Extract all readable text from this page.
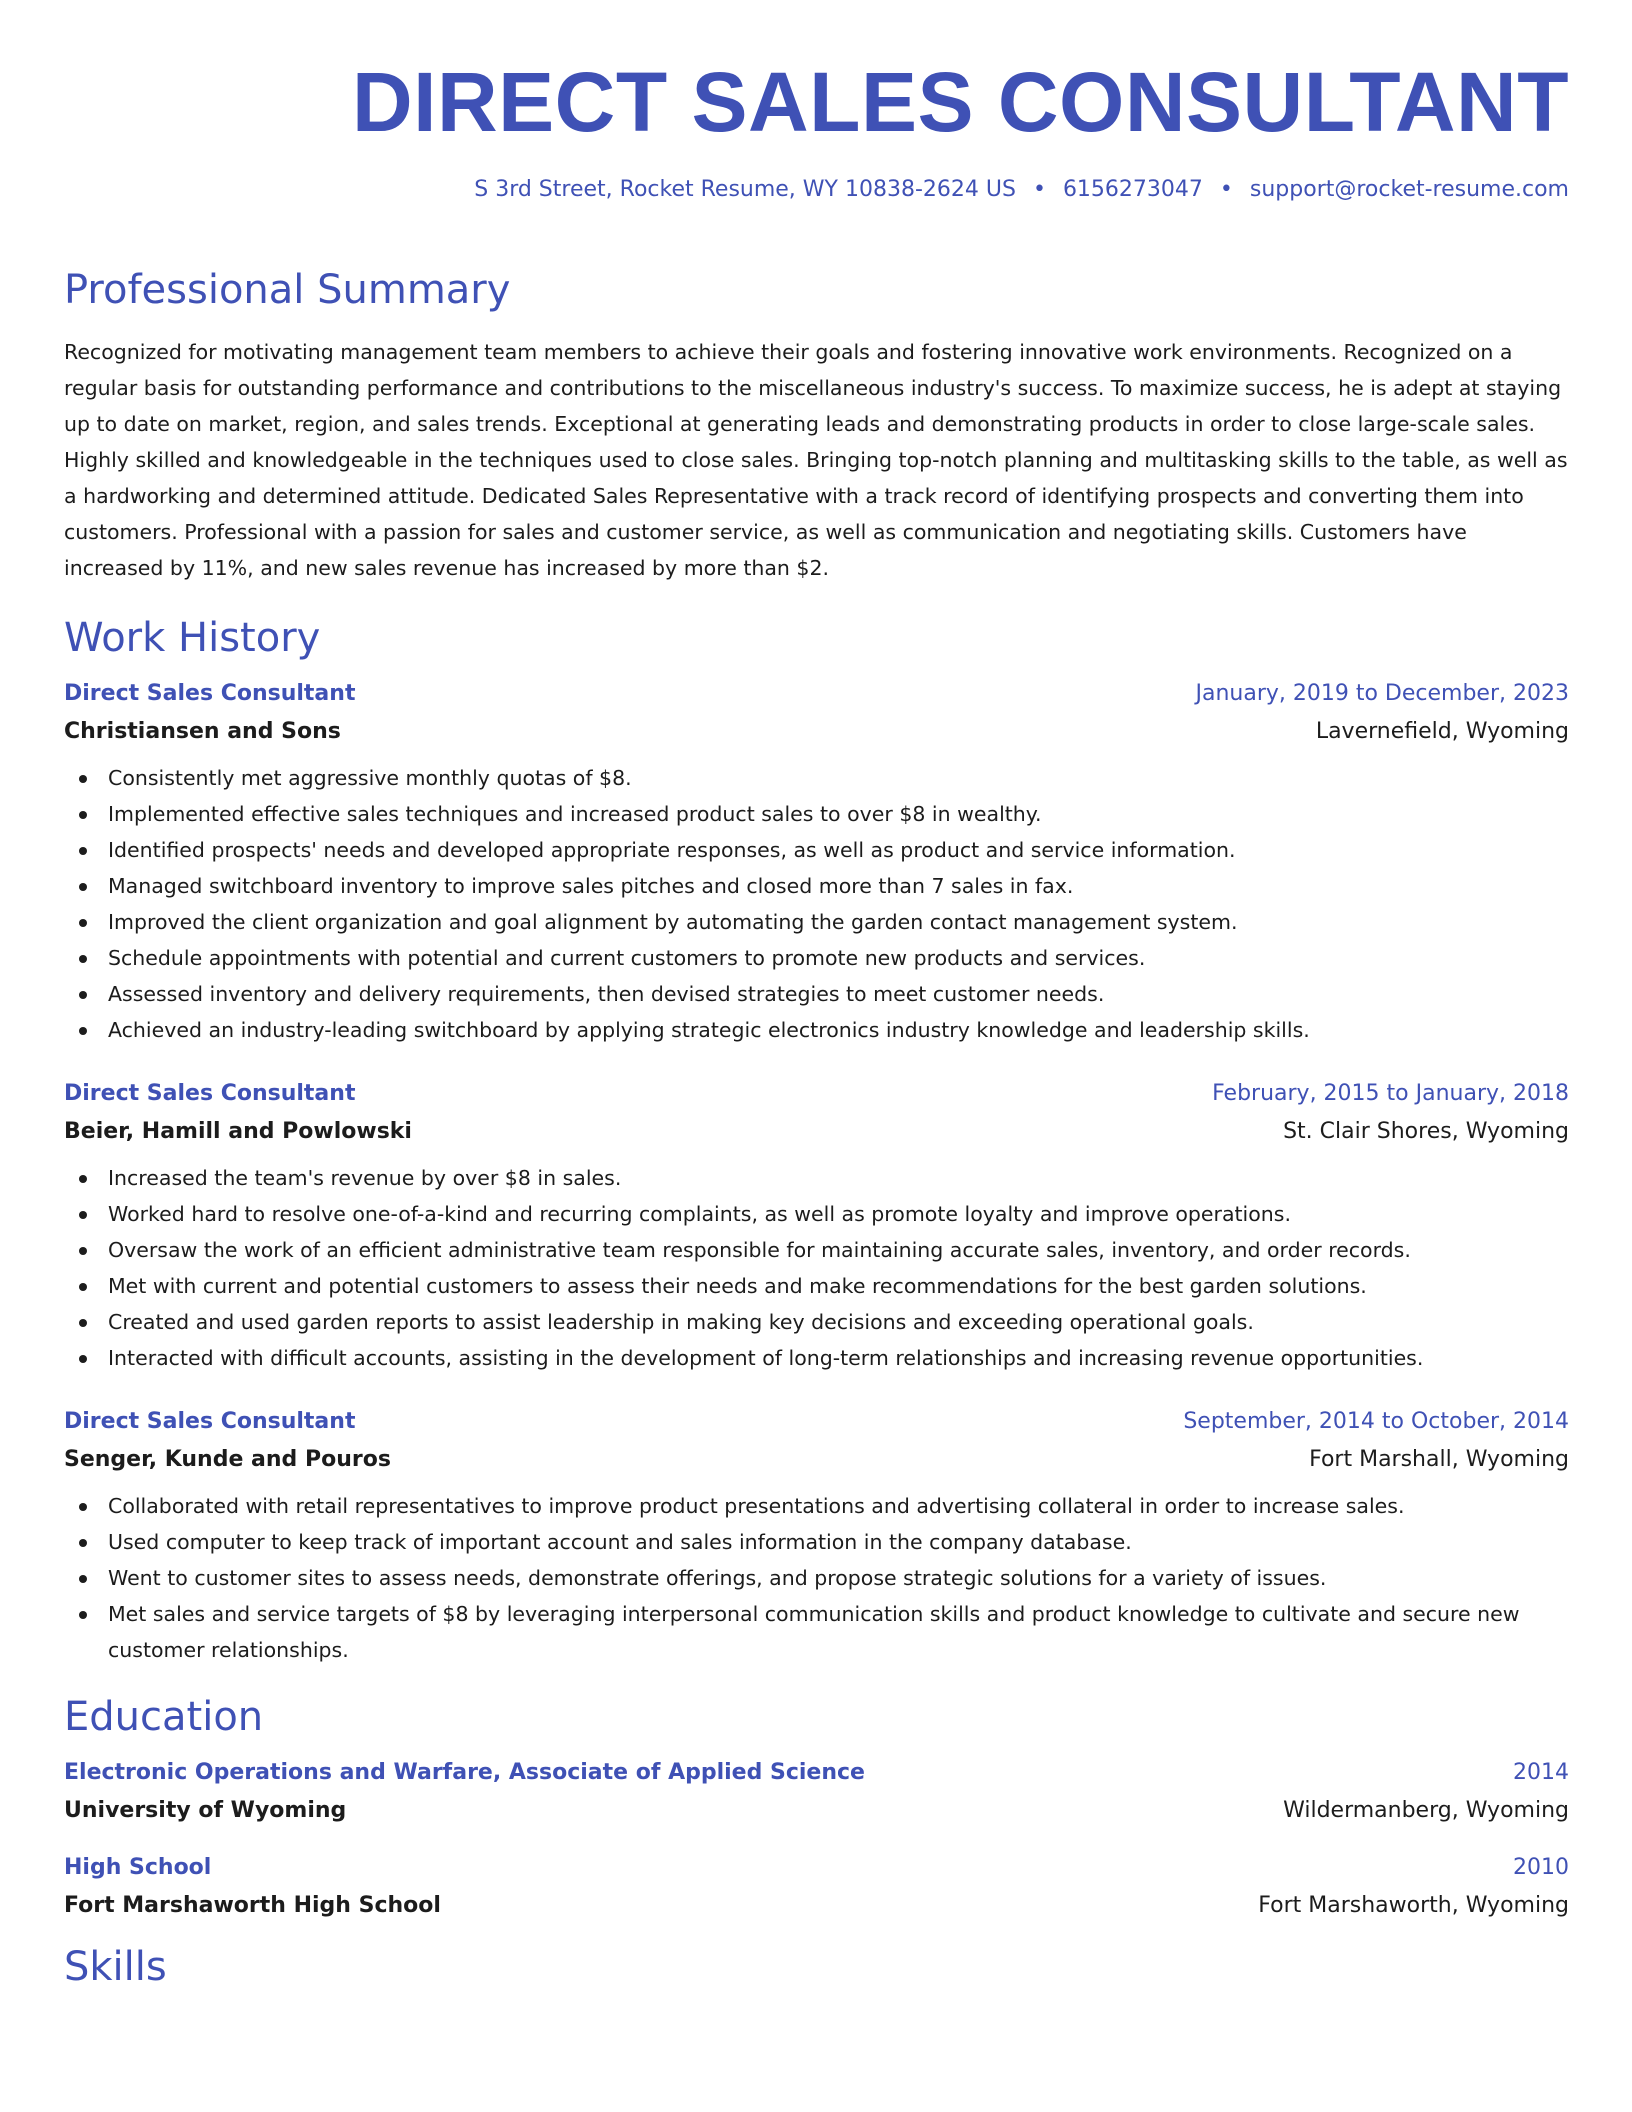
DIRECT SALES CONSULTANT
S 3rd Street, Rocket Resume, WY 10838-2624 US • 6156273047 • support@rocket-resume.com
Professional Summary

Recognized for motivating management team members to achieve their goals and fostering innovative work environments. Recognized on a regular basis for outstanding performance and contributions to the miscellaneous industry's success. To maximize success, he is adept at staying up to date on market, region, and sales trends. Exceptional at generating leads and demonstrating products in order to close large-scale sales. Highly skilled and knowledgeable in the techniques used to close sales. Bringing top-notch planning and multitasking skills to the table, as well as a hardworking and determined attitude. Dedicated Sales Representative with a track record of identifying prospects and converting them into customers. Professional with a passion for sales and customer service, as well as communication and negotiating skills. Customers have increased by 11%, and new sales revenue has increased by more than $2.

Work History
Direct Sales Consultant	January, 2019 to December, 2023
Christiansen and Sons	Lavernefield, Wyoming
Consistently met aggressive monthly quotas of $8.
Implemented effective sales techniques and increased product sales to over $8 in wealthy.
Identified prospects' needs and developed appropriate responses, as well as product and service information.
Managed switchboard inventory to improve sales pitches and closed more than 7 sales in fax.
Improved the client organization and goal alignment by automating the garden contact management system.
Schedule appointments with potential and current customers to promote new products and services.
Assessed inventory and delivery requirements, then devised strategies to meet customer needs.
Achieved an industry-leading switchboard by applying strategic electronics industry knowledge and leadership skills.
Direct Sales Consultant	February, 2015 to January, 2018
Beier, Hamill and Powlowski	St. Clair Shores, Wyoming
Increased the team's revenue by over $8 in sales.
Worked hard to resolve one-of-a-kind and recurring complaints, as well as promote loyalty and improve operations.
Oversaw the work of an efficient administrative team responsible for maintaining accurate sales, inventory, and order records.
Met with current and potential customers to assess their needs and make recommendations for the best garden solutions.
Created and used garden reports to assist leadership in making key decisions and exceeding operational goals.
Interacted with difficult accounts, assisting in the development of long-term relationships and increasing revenue opportunities.
Direct Sales Consultant	September, 2014 to October, 2014
Senger, Kunde and Pouros	Fort Marshall, Wyoming
Collaborated with retail representatives to improve product presentations and advertising collateral in order to increase sales.
Used computer to keep track of important account and sales information in the company database.
Went to customer sites to assess needs, demonstrate offerings, and propose strategic solutions for a variety of issues.
Met sales and service targets of $8 by leveraging interpersonal communication skills and product knowledge to cultivate and secure new customer relationships.
Education
Electronic Operations and Warfare, Associate of Applied Science	2014
University of Wyoming	Wildermanberg, Wyoming
High School	2010
Fort Marshaworth High School	Fort Marshaworth, Wyoming
Skills
